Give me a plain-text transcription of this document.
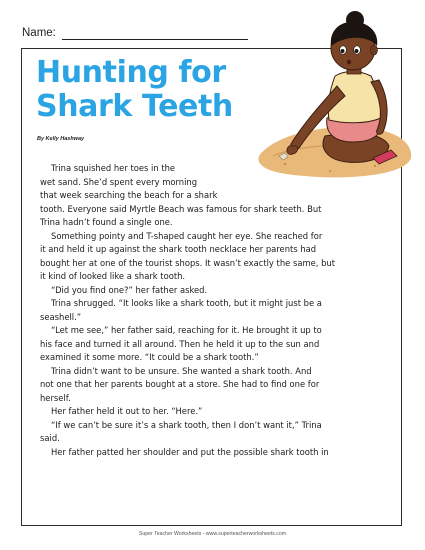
Name:
Hunting for
Shark Teeth
By Kelly Hashway

Trina squished her toes in the
wet sand. She’d spent every morning
that week searching the beach for a shark
tooth. Everyone said Myrtle Beach was famous for shark teeth. But
Trina hadn’t found a single one.

Something pointy and T-shaped caught her eye. She reached for
it and held it up against the shark tooth necklace her parents had
bought her at one of the tourist shops. It wasn’t exactly the same, but
it kind of looked like a shark tooth.

“Did you find one?” her father asked.

Trina shrugged. “It looks like a shark tooth, but it might just be a
seashell.”

“Let me see,” her father said, reaching for it. He brought it up to
his face and turned it all around. Then he held it up to the sun and
examined it some more. “It could be a shark tooth.”

Trina didn’t want to be unsure. She wanted a shark tooth. And
not one that her parents bought at a store. She had to find one for
herself.

Her father held it out to her. “Here.”

“If we can’t be sure it’s a shark tooth, then I don’t want it,” Trina
said.

Her father patted her shoulder and put the possible shark tooth in

Super Teacher Worksheets - www.superteacherworksheets.com
